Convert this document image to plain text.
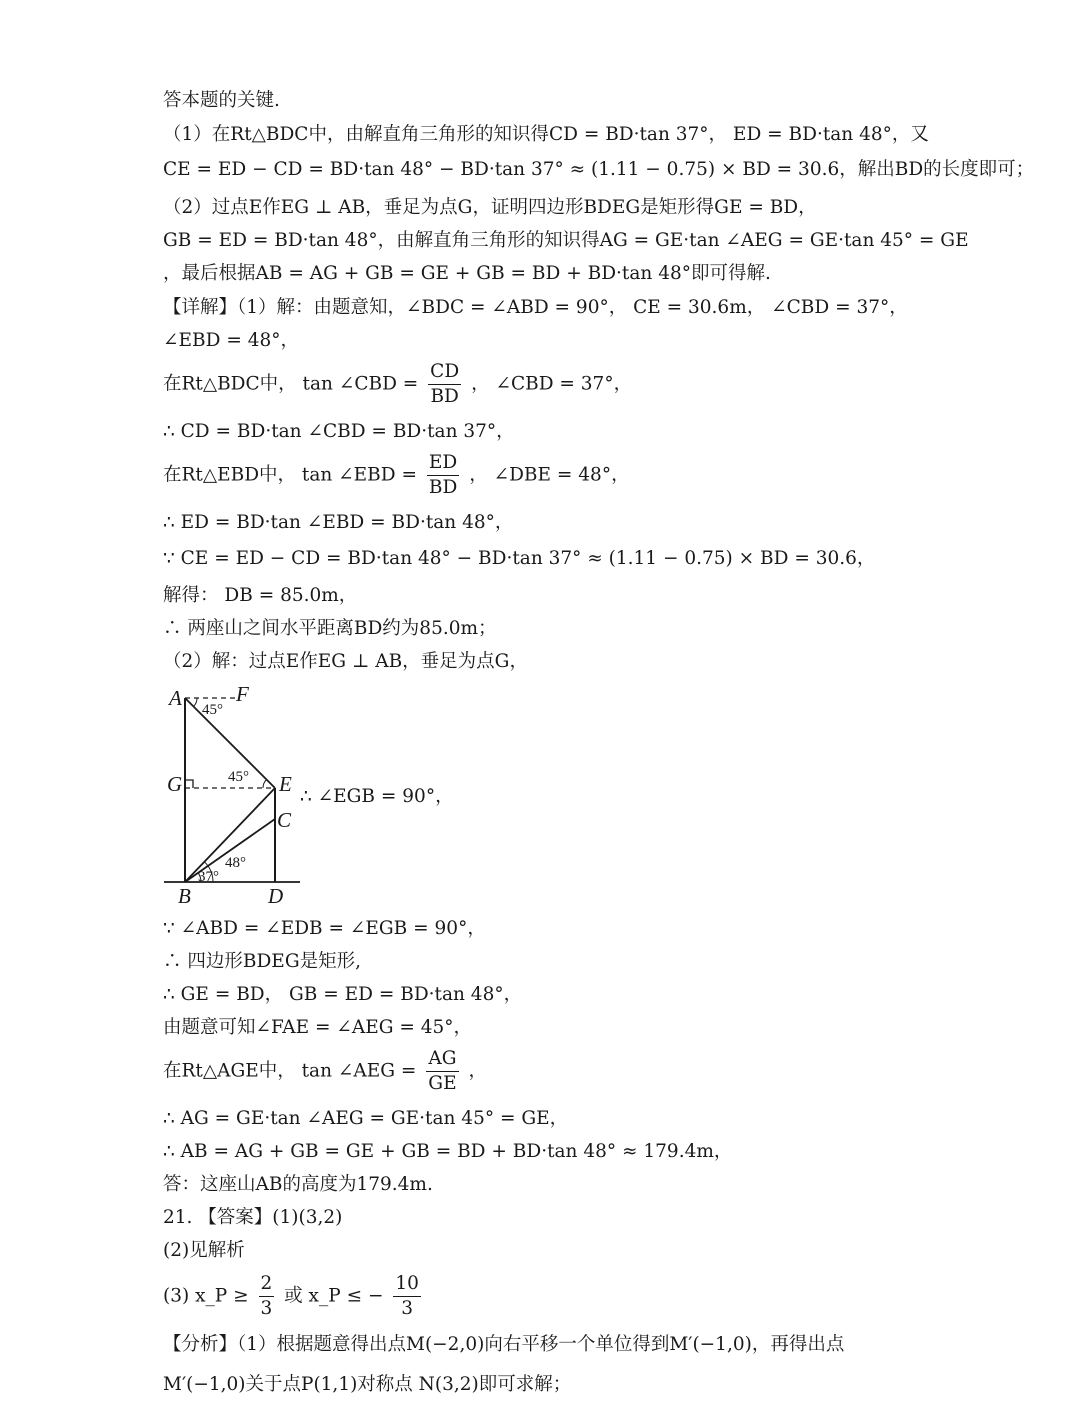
答本题的关键.
（1）在Rt△BDC中，由解直角三角形的知识得CD = BD·tan 37°， ED = BD·tan 48°，又
CE = ED − CD = BD·tan 48° − BD·tan 37° ≈ (1.11 − 0.75) × BD = 30.6，解出BD的长度即可；
（2）过点E作EG ⊥ AB，垂足为点G，证明四边形BDEG是矩形得GE = BD，
GB = ED = BD·tan 48°，由解直角三角形的知识得AG = GE·tan ∠AEG = GE·tan 45° = GE
，最后根据AB = AG + GB = GE + GB = BD + BD·tan 48°即可得解.
【详解】（1）解：由题意知，∠BDC = ∠ABD = 90°， CE = 30.6m， ∠CBD = 37°，
∠EBD = 48°，
在Rt△BDC中， tan ∠CBD = $\frac{CD}{BD}$ ， ∠CBD = 37°，
∴ CD = BD·tan ∠CBD = BD·tan 37°，
在Rt△EBD中， tan ∠EBD = $\frac{ED}{BD}$ ， ∠DBE = 48°，
∴ ED = BD·tan ∠EBD = BD·tan 48°，
∵ CE = ED − CD = BD·tan 48° − BD·tan 37° ≈ (1.11 − 0.75) × BD = 30.6，
解得： DB = 85.0m，
∴ 两座山之间水平距离BD约为85.0m；
（2）解：过点E作EG ⊥ AB，垂足为点G，
A	F
G	E
C
B	D
45°
45°
48°
37°
∴ ∠EGB = 90°，
∵ ∠ABD = ∠EDB = ∠EGB = 90°，
∴ 四边形BDEG是矩形,
∴ GE = BD， GB = ED = BD·tan 48°，
由题意可知∠FAE = ∠AEG = 45°，
在Rt△AGE中， tan ∠AEG = $\frac{AG}{GE}$ ，
∴ AG = GE·tan ∠AEG = GE·tan 45° = GE，
∴ AB = AG + GB = GE + GB = BD + BD·tan 48° ≈ 179.4m，
答：这座山AB的高度为179.4m.
21. 【答案】(1)(3,2)
(2)见解析
(3) x_P ≥ $\frac{2}{3}$ 或 x_P ≤ − $\frac{10}{3}$
【分析】（1）根据题意得出点M(−2,0)向右平移一个单位得到M′(−1,0)，再得出点
M′(−1,0)关于点P(1,1)对称点 N(3,2)即可求解；
